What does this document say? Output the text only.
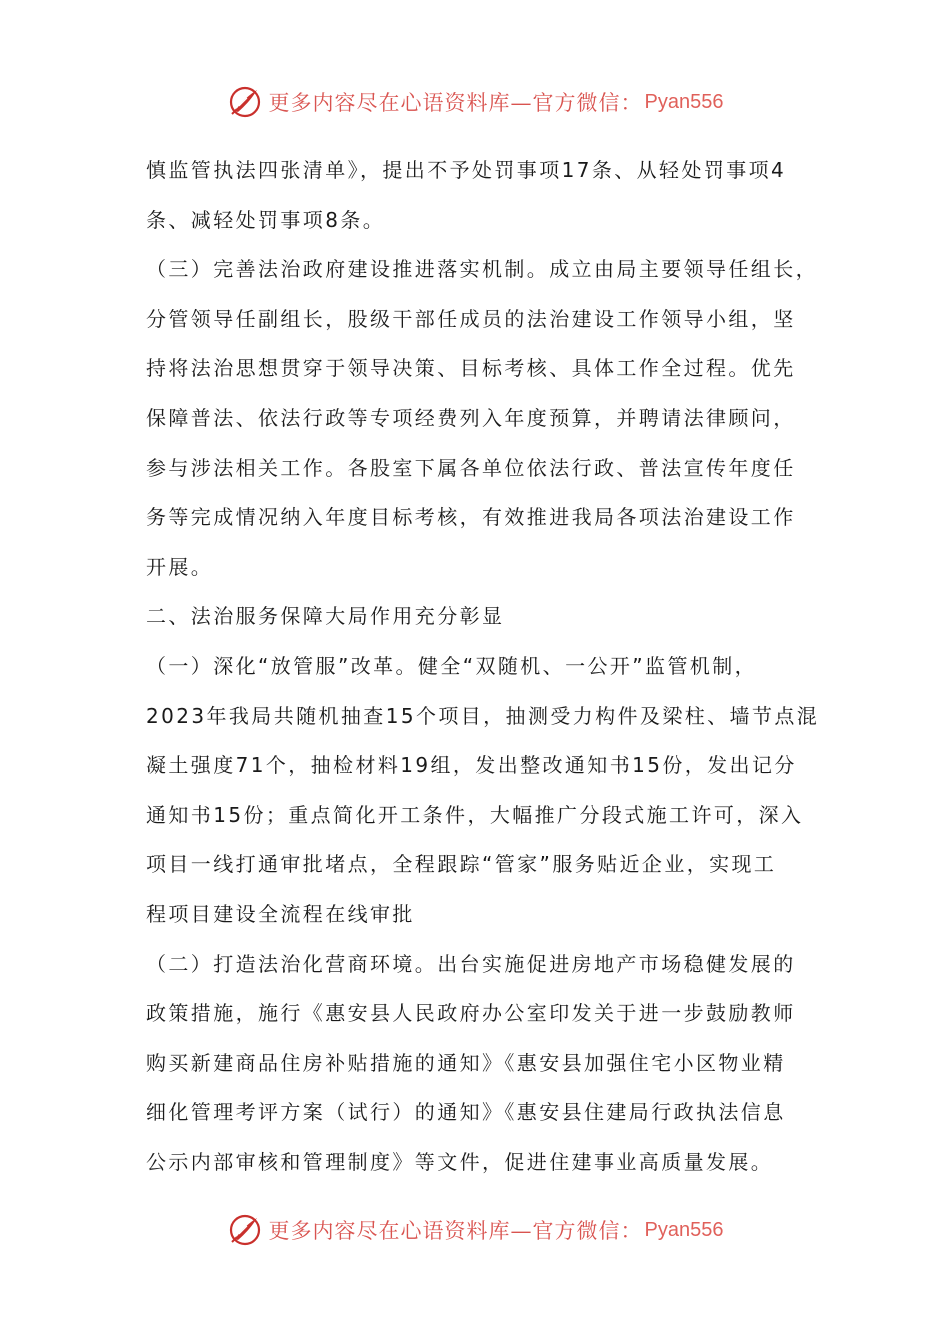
更多内容尽在心语资料库—官方微信： Pyan556
慎监管执法四张清单》，提出不予处罚事项17条、从轻处罚事项4
条、减轻处罚事项8条。
（三）完善法治政府建设推进落实机制。成立由局主要领导任组长，
分管领导任副组长，股级干部任成员的法治建设工作领导小组，坚
持将法治思想贯穿于领导决策、目标考核、具体工作全过程。优先
保障普法、依法行政等专项经费列入年度预算，并聘请法律顾问，
参与涉法相关工作。各股室下属各单位依法行政、普法宣传年度任
务等完成情况纳入年度目标考核，有效推进我局各项法治建设工作
开展。
二、法治服务保障大局作用充分彰显
（一）深化“放管服”改革。健全“双随机、一公开”监管机制，
2023年我局共随机抽查15个项目，抽测受力构件及梁柱、墙节点混
凝土强度71个，抽检材料19组，发出整改通知书15份，发出记分
通知书15份；重点简化开工条件，大幅推广分段式施工许可，深入
项目一线打通审批堵点，全程跟踪“管家”服务贴近企业，实现工
程项目建设全流程在线审批
（二）打造法治化营商环境。出台实施促进房地产市场稳健发展的
政策措施，施行《惠安县人民政府办公室印发关于进一步鼓励教师
购买新建商品住房补贴措施的通知》《惠安县加强住宅小区物业精
细化管理考评方案（试行）的通知》《惠安县住建局行政执法信息
公示内部审核和管理制度》等文件，促进住建事业高质量发展。
更多内容尽在心语资料库—官方微信： Pyan556
